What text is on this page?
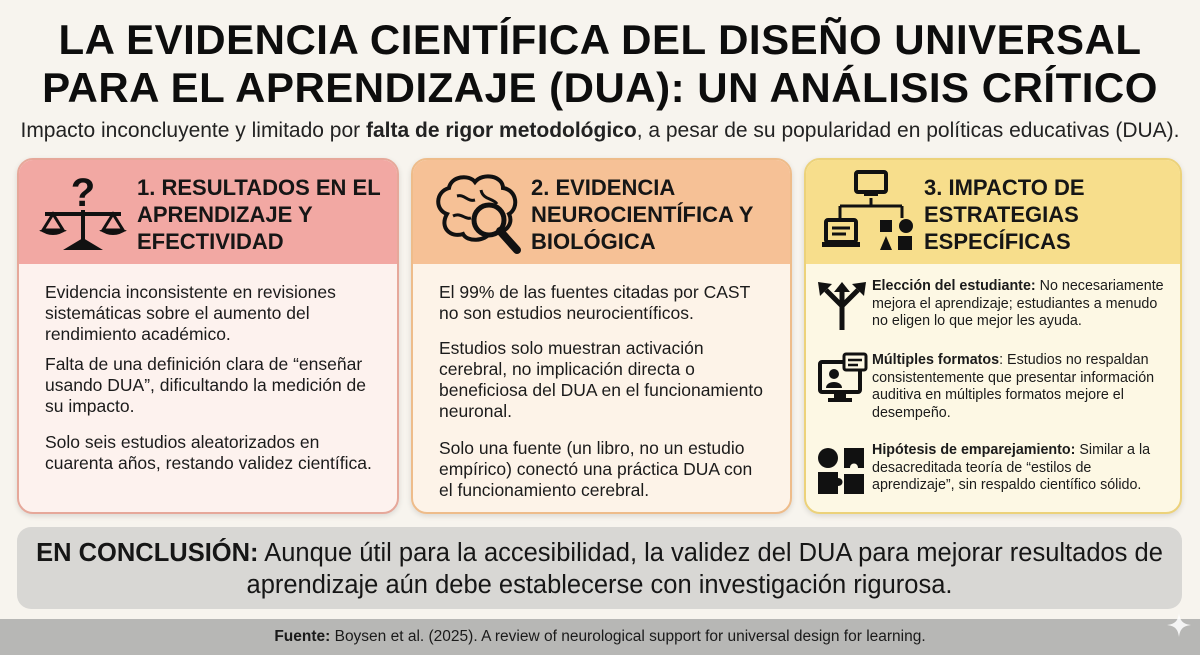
LA EVIDENCIA CIENTÍFICA DEL DISEÑO UNIVERSAL
PARA EL APRENDIZAJE (DUA): UN ANÁLISIS CRÍTICO
Impacto inconcluyente y limitado por falta de rigor metodológico, a pesar de su popularidad en políticas educativas (DUA).
? 1. RESULTADOS EN EL APRENDIZAJE Y EFECTIVIDAD
Evidencia inconsistente en revisiones sistemáticas sobre el aumento del rendimiento académico.
Falta de una definición clara de “enseñar usando DUA”, dificultando la medición de su impacto.
Solo seis estudios aleatorizados en cuarenta años, restando validez científica.
2. EVIDENCIA NEUROCIENTÍFICA Y BIOLÓGICA
El 99% de las fuentes citadas por CAST no son estudios neurocientíficos.
Estudios solo muestran activación cerebral, no implicación directa o beneficiosa del DUA en el funcionamiento neuronal.
Solo una fuente (un libro, no un estudio empírico) conectó una práctica DUA con el funcionamiento cerebral.
3. IMPACTO DE ESTRATEGIAS ESPECÍFICAS
Elección del estudiante: No necesariamente mejora el aprendizaje; estudiantes a menudo no eligen lo que mejor les ayuda.
Múltiples formatos: Estudios no respaldan consistentemente que presentar información auditiva en múltiples formatos mejore el desempeño.
Hipótesis de emparejamiento: Similar a la desacreditada teoría de “estilos de aprendizaje”, sin respaldo científico sólido.
EN CONCLUSIÓN: Aunque útil para la accesibilidad, la validez del DUA para mejorar resultados de aprendizaje aún debe establecerse con investigación rigurosa.
Fuente: Boysen et al. (2025). A review of neurological support for universal design for learning.
